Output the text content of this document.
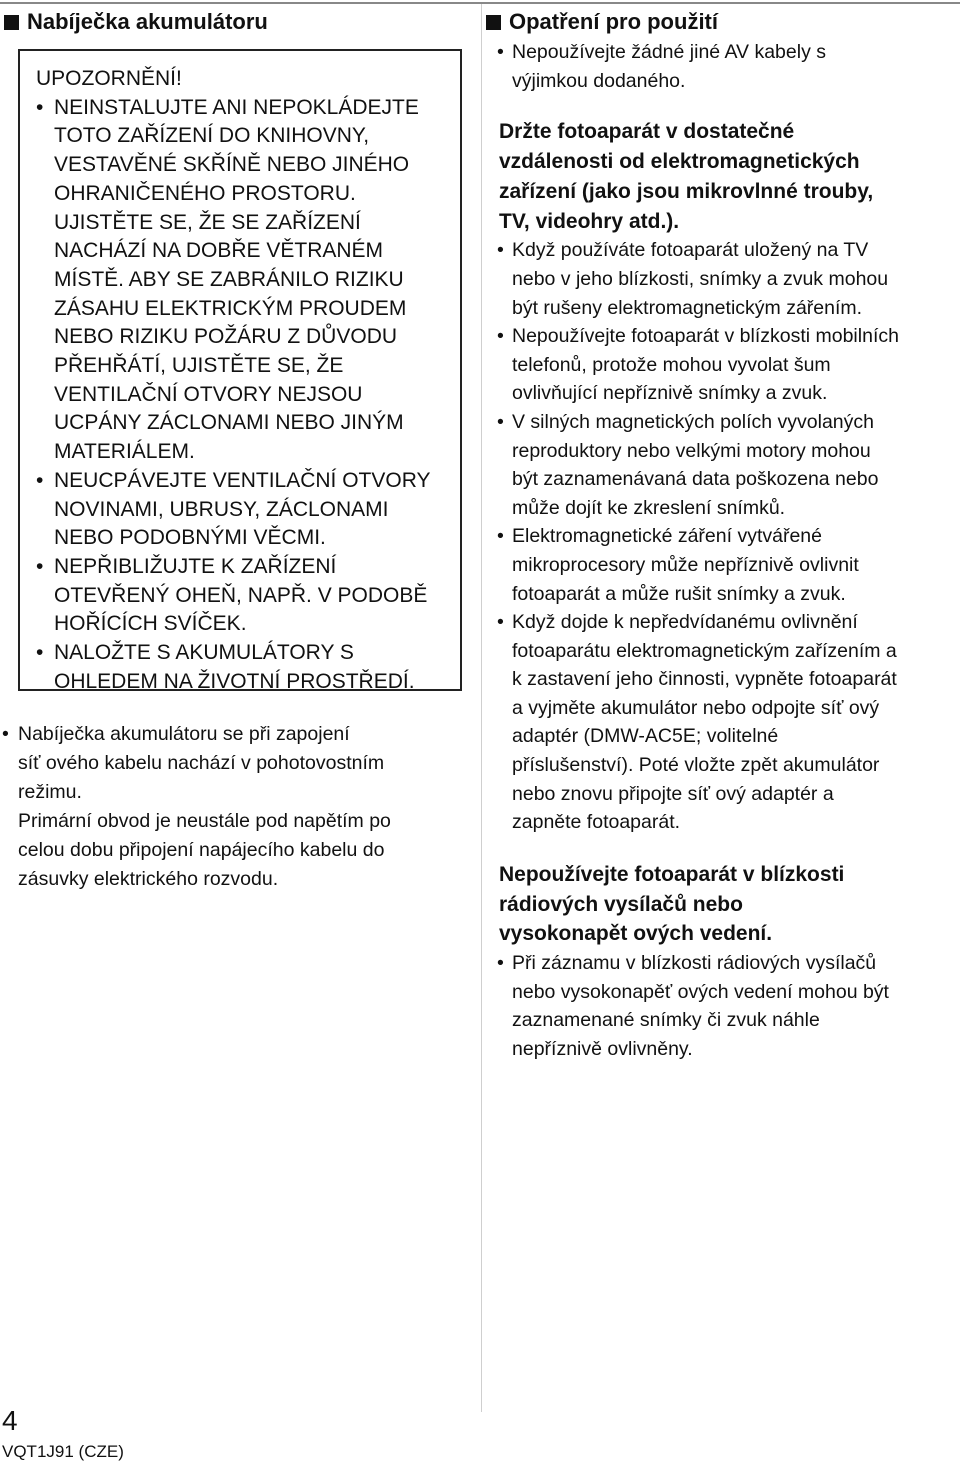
Nabíječka akumulátoru
UPOZORNĚNÍ!
• NEINSTALUJTE ANI NEPOKLÁDEJTE
TOTO ZAŘÍZENÍ DO KNIHOVNY,
VESTAVĚNÉ SKŘÍNĚ NEBO JINÉHO
OHRANIČENÉHO PROSTORU.
UJISTĚTE SE, ŽE SE ZAŘÍZENÍ
NACHÁZÍ NA DOBŘE VĚTRANÉM
MÍSTĚ. ABY SE ZABRÁNILO RIZIKU
ZÁSAHU ELEKTRICKÝM PROUDEM
NEBO RIZIKU POŽÁRU Z DŮVODU
PŘEHŘÁTÍ, UJISTĚTE SE, ŽE
VENTILAČNÍ OTVORY NEJSOU
UCPÁNY ZÁCLONAMI NEBO JINÝM
MATERIÁLEM.
• NEUCPÁVEJTE VENTILAČNÍ OTVORY
NOVINAMI, UBRUSY, ZÁCLONAMI
NEBO PODOBNÝMI VĚCMI.
• NEPŘIBLIŽUJTE K ZAŘÍZENÍ
OTEVŘENÝ OHEŇ, NAPŘ. V PODOBĚ
HOŘÍCÍCH SVÍČEK.
• NALOŽTE S AKUMULÁTORY S
OHLEDEM NA ŽIVOTNÍ PROSTŘEDÍ.
• Nabíječka akumulátoru se při zapojení
síť ového kabelu nachází v pohotovostním
režimu.
Primární obvod je neustále pod napětím po
celou dobu připojení napájecího kabelu do
zásuvky elektrického rozvodu.
Opatření pro použití
• Nepoužívejte žádné jiné AV kabely s
výjimkou dodaného.
Držte fotoaparát v dostatečné
vzdálenosti od elektromagnetických
zařízení (jako jsou mikrovlnné trouby,
TV, videohry atd.).
• Když používáte fotoaparát uložený na TV
nebo v jeho blízkosti, snímky a zvuk mohou
být rušeny elektromagnetickým zářením.
• Nepoužívejte fotoaparát v blízkosti mobilních
telefonů, protože mohou vyvolat šum
ovlivňující nepříznivě snímky a zvuk.
• V silných magnetických polích vyvolaných
reproduktory nebo velkými motory mohou
být zaznamenávaná data poškozena nebo
může dojít ke zkreslení snímků.
• Elektromagnetické záření vytvářené
mikroprocesory může nepříznivě ovlivnit
fotoaparát a může rušit snímky a zvuk.
• Když dojde k nepředvídanému ovlivnění
fotoaparátu elektromagnetickým zařízením a
k zastavení jeho činnosti, vypněte fotoaparát
a vyjměte akumulátor nebo odpojte síť ový
adaptér (DMW-AC5E; volitelné
příslušenství). Poté vložte zpět akumulátor
nebo znovu připojte síť ový adaptér a
zapněte fotoaparát.
Nepoužívejte fotoaparát v blízkosti
rádiových vysílačů nebo
vysokonapět ových vedení.
• Při záznamu v blízkosti rádiových vysílačů
nebo vysokonapěť ových vedení mohou být
zaznamenané snímky či zvuk náhle
nepříznivě ovlivněny.
4
VQT1J91 (CZE)
